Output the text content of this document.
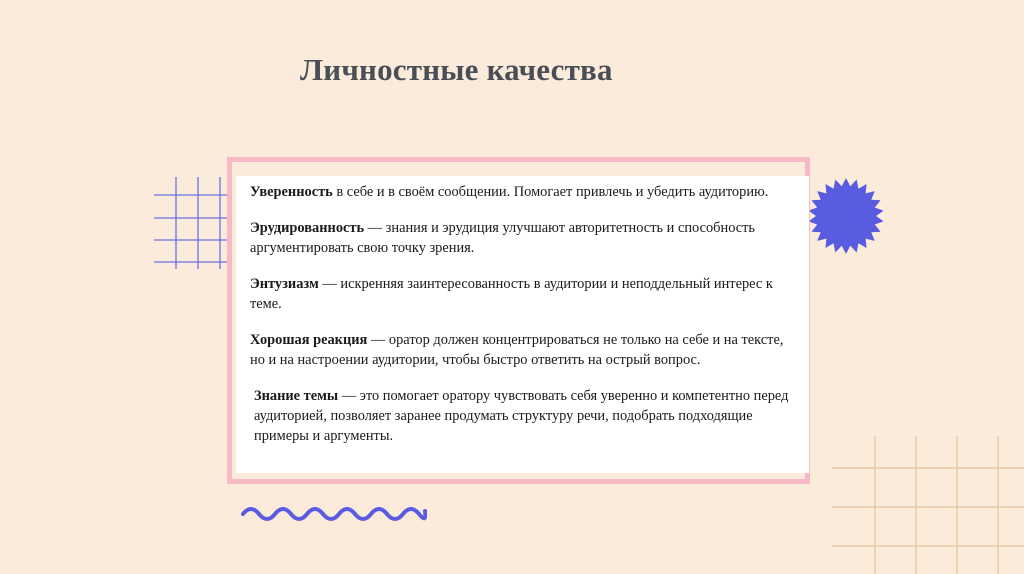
Личностные качества

Уверенность в себе и в своём сообщении. Помогает привлечь и убедить аудиторию.

Эрудированность — знания и эрудиция улучшают авторитетность и способность аргументировать свою точку зрения.

Энтузиазм — искренняя заинтересованность в аудитории и неподдельный интерес к теме.

Хорошая реакция — оратор должен концентрироваться не только на себе и на тексте, но и на настроении аудитории, чтобы быстро ответить на острый вопрос.

Знание темы — это помогает оратору чувствовать себя уверенно и компетентно перед аудиторией, позволяет заранее продумать структуру речи, подобрать подходящие примеры и аргументы.
